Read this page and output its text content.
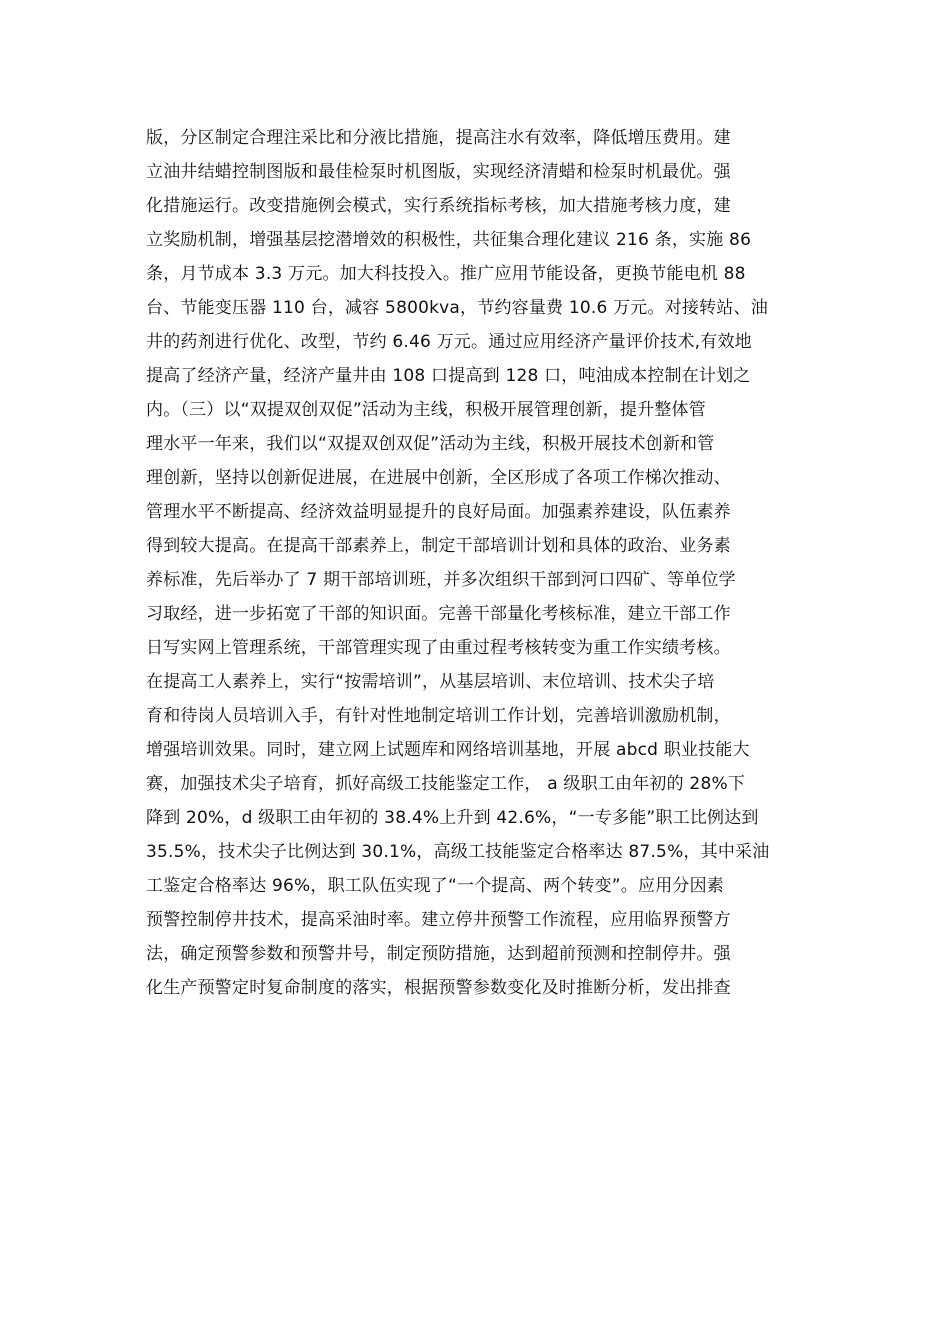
版，分区制定合理注采比和分液比措施，提高注水有效率，降低增压费用。建
立油井结蜡控制图版和最佳检泵时机图版，实现经济清蜡和检泵时机最优。强
化措施运行。改变措施例会模式，实行系统指标考核，加大措施考核力度，建
立奖励机制，增强基层挖潜增效的积极性，共征集合理化建议 216 条，实施 86
条，月节成本 3.3 万元。加大科技投入。推广应用节能设备，更换节能电机 88
台、节能变压器 110 台，减容 5800kva，节约容量费 10.6 万元。对接转站、油
井的药剂进行优化、改型，节约 6.46 万元。通过应用经济产量评价技术,有效地
提高了经济产量，经济产量井由 108 口提高到 128 口，吨油成本控制在计划之
内。（三）以“双提双创双促”活动为主线，积极开展管理创新，提升整体管
理水平一年来，我们以“双提双创双促”活动为主线，积极开展技术创新和管
理创新，坚持以创新促进展，在进展中创新，全区形成了各项工作梯次推动、
管理水平不断提高、经济效益明显提升的良好局面。加强素养建设，队伍素养
得到较大提高。在提高干部素养上，制定干部培训计划和具体的政治、业务素
养标准，先后举办了 7 期干部培训班，并多次组织干部到河口四矿、等单位学
习取经，进一步拓宽了干部的知识面。完善干部量化考核标准，建立干部工作
日写实网上管理系统，干部管理实现了由重过程考核转变为重工作实绩考核。
在提高工人素养上，实行“按需培训”，从基层培训、末位培训、技术尖子培
育和待岗人员培训入手，有针对性地制定培训工作计划，完善培训激励机制，
增强培训效果。同时，建立网上试题库和网络培训基地，开展 abcd 职业技能大
赛，加强技术尖子培育，抓好高级工技能鉴定工作， a 级职工由年初的 28%下
降到 20%，d 级职工由年初的 38.4%上升到 42.6%，“一专多能”职工比例达到
35.5%，技术尖子比例达到 30.1%，高级工技能鉴定合格率达 87.5%，其中采油
工鉴定合格率达 96%，职工队伍实现了“一个提高、两个转变”。应用分因素
预警控制停井技术，提高采油时率。建立停井预警工作流程，应用临界预警方
法，确定预警参数和预警井号，制定预防措施，达到超前预测和控制停井。强
化生产预警定时复命制度的落实，根据预警参数变化及时推断分析，发出排查
